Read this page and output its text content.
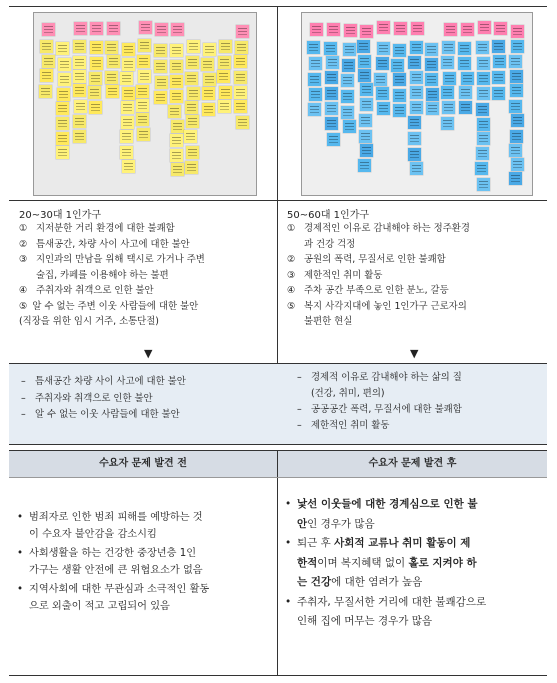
20~30대 1인가구
① 지저분한 거리 환경에 대한 불쾌함
② 틈새공간, 차량 사이 사고에 대한 불안
③ 지인과의 만남을 위해 택시로 가거나 주변
술집, 카페를 이용해야 하는 불편
④ 주취자와 취객으로 인한 불안
⑤ 알 수 없는 주변 이웃 사람들에 대한 불안
(직장을 위한 임시 거주, 소통단절)
▼
50~60대 1인가구
① 경제적인 이유로 감내해야 하는 정주환경
과 건강 걱정
② 공원의 폭력, 무질서로 인한 불쾌함
③ 제한적인 취미 활동
④ 주차 공간 부족으로 인한 분노, 갈등
⑤ 복지 사각지대에 놓인 1인가구 근로자의
불편한 현실
▼
– 틈새공간 차량 사이 사고에 대한 불안
– 주취자와 취객으로 인한 불안
– 알 수 없는 이웃 사람들에 대한 불안
– 경제적 이유로 감내해야 하는 삶의 질
(건강, 취미, 편의)
– 공공공간 폭력, 무질서에 대한 불쾌함
– 제한적인 취미 활동
수요자 문제 발견 전	수요자 문제 발견 후
• 범죄자로 인한 범죄 피해를 예방하는 것
이 수요자 불안감을 감소시킴
• 사회생활을 하는 건강한 중장년층 1인
가구는 생활 안전에 큰 위협요소가 없음
• 지역사회에 대한 무관심과 소극적인 활동
으로 외출이 적고 고립되어 있음
• 낯선 이웃들에 대한 경계심으로 인한 불
안인 경우가 많음
• 퇴근 후 사회적 교류나 취미 활동이 제
한적이며 복지혜택 없이 홀로 지켜야 하
는 건강에 대한 염려가 높음
• 주취자, 무질서한 거리에 대한 불쾌감으로
인해 집에 머무는 경우가 많음
